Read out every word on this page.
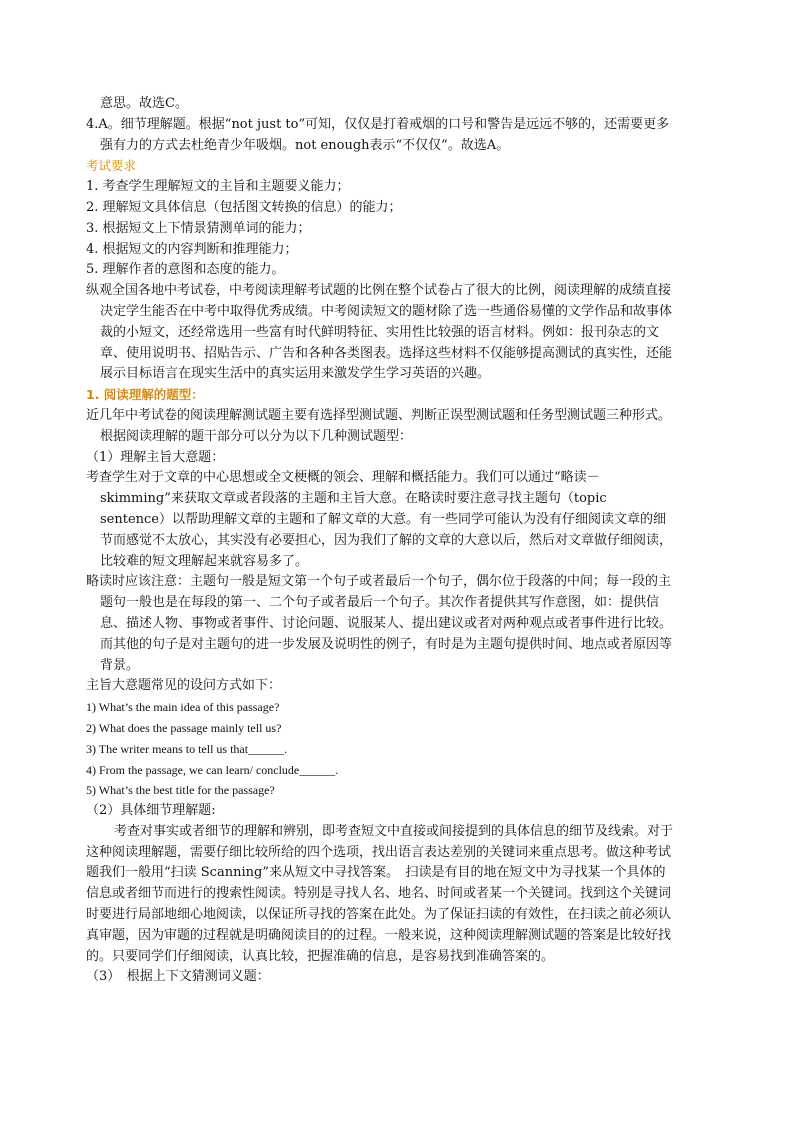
意思。故选C。

4.A。细节理解题。根据“not just to”可知，仅仅是打着戒烟的口号和警告是远远不够的，还需要更多强有力的方式去杜绝青少年吸烟。not enough表示“不仅仅”。故选A。

考试要求

1. 考查学生理解短文的主旨和主题要义能力；

2. 理解短文具体信息（包括图文转换的信息）的能力；

3. 根据短文上下情景猜测单词的能力；

4. 根据短文的内容判断和推理能力；

5. 理解作者的意图和态度的能力。

纵观全国各地中考试卷，中考阅读理解考试题的比例在整个试卷占了很大的比例，阅读理解的成绩直接决定学生能否在中考中取得优秀成绩。中考阅读短文的题材除了选一些通俗易懂的文学作品和故事体裁的小短文，还经常选用一些富有时代鲜明特征、实用性比较强的语言材料。例如：报刊杂志的文章、使用说明书、招贴告示、广告和各种各类图表。选择这些材料不仅能够提高测试的真实性，还能展示目标语言在现实生活中的真实运用来激发学生学习英语的兴趣。

1. 阅读理解的题型：

近几年中考试卷的阅读理解测试题主要有选择型测试题、判断正误型测试题和任务型测试题三种形式。根据阅读理解的题干部分可以分为以下几种测试题型：

（1）理解主旨大意题：

考查学生对于文章的中心思想或全文梗概的领会、理解和概括能力。我们可以通过“略读－skimming”来获取文章或者段落的主题和主旨大意。在略读时要注意寻找主题句（topic sentence）以帮助理解文章的主题和了解文章的大意。有一些同学可能认为没有仔细阅读文章的细节而感觉不太放心，其实没有必要担心，因为我们了解的文章的大意以后，然后对文章做仔细阅读，比较难的短文理解起来就容易多了。

略读时应该注意：主题句一般是短文第一个句子或者最后一个句子，偶尔位于段落的中间；每一段的主题句一般也是在每段的第一、二个句子或者最后一个句子。其次作者提供其写作意图，如：提供信息、描述人物、事物或者事件、讨论问题、说服某人、提出建议或者对两种观点或者事件进行比较。而其他的句子是对主题句的进一步发展及说明性的例子，有时是为主题句提供时间、地点或者原因等背景。

主旨大意题常见的设问方式如下：

1) What’s the main idea of this passage?

2) What does the passage mainly tell us?

3) The writer means to tell us that______.

4) From the passage, we can learn/ conclude______.

5) What’s the best title for the passage?

（2）具体细节理解题:

考查对事实或者细节的理解和辨别，即考查短文中直接或间接提到的具体信息的细节及线索。对于这种阅读理解题，需要仔细比较所给的四个选项，找出语言表达差别的关键词来重点思考。做这种考试题我们一般用“扫读 Scanning”来从短文中寻找答案。　扫读是有目的地在短文中为寻找某一个具体的信息或者细节而进行的搜索性阅读。特别是寻找人名、地名、时间或者某一个关键词。找到这个关键词时要进行局部地细心地阅读，以保证所寻找的答案在此处。为了保证扫读的有效性，在扫读之前必须认真审题，因为审题的过程就是明确阅读目的的过程。一般来说，这种阅读理解测试题的答案是比较好找的。只要同学们仔细阅读，认真比较，把握准确的信息，是容易找到准确答案的。

（3）　根据上下文猜测词义题：
